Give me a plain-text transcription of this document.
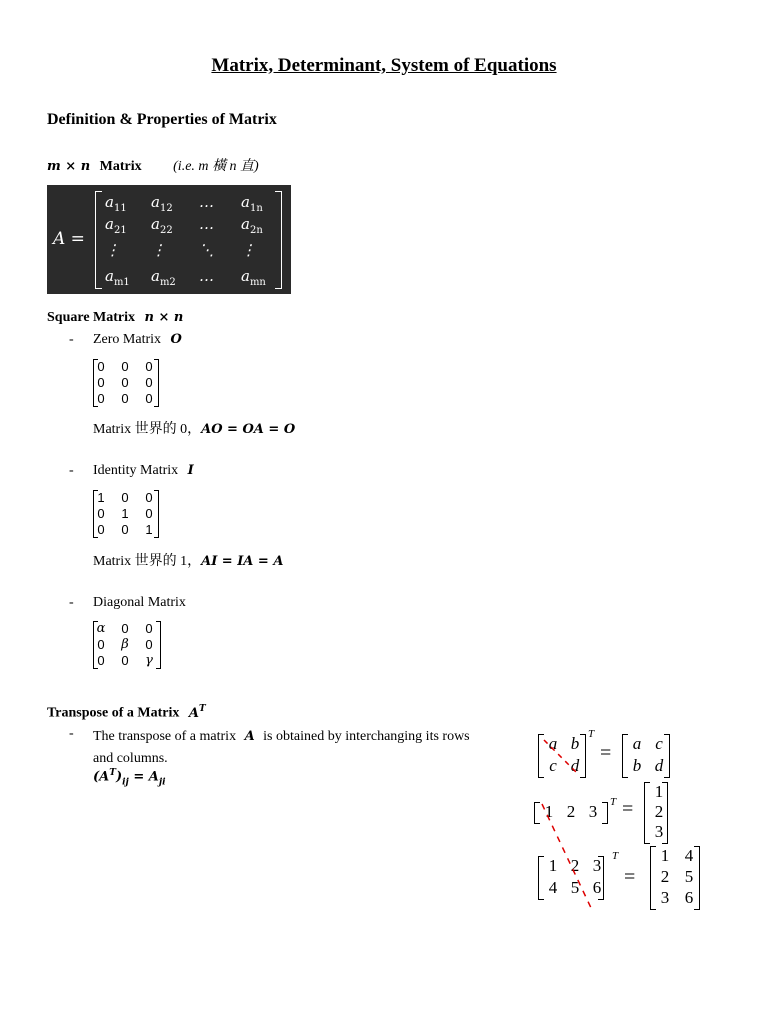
Matrix, Determinant, System of Equations
Definition & Properties of Matrix
m × n Matrix (i.e. m 橫 n 直)
A =
$a_{11}$ $a_{12}$ … $a_{1n}$
$a_{21}$ $a_{22}$ … $a_{2n}$
⋮ ⋮ ⋱ ⋮
$a_{m1}$ $a_{m2}$ … $a_{mn}$
Square Matrix n × n
- Zero Matrix O
0	0	0
0	0	0
0	0	0
Matrix 世界的 0，AO = OA = O
- Identity Matrix I
1	0	0
0	1	0
0	0	1
Matrix 世界的 1，AI = IA = A
- Diagonal Matrix
α	0	0
0	β	0
0	0	γ
Transpose of a Matrix $A^T$
- The transpose of a matrix A is obtained by interchanging its rows
and columns.
$(A^T)_{ij} = A_{ji}$
a b
c d
T
= a c
b d
1 2 3	T =
1
2
3
1 2 3
4 5 6
T
=
1 4
2 5
3 6
